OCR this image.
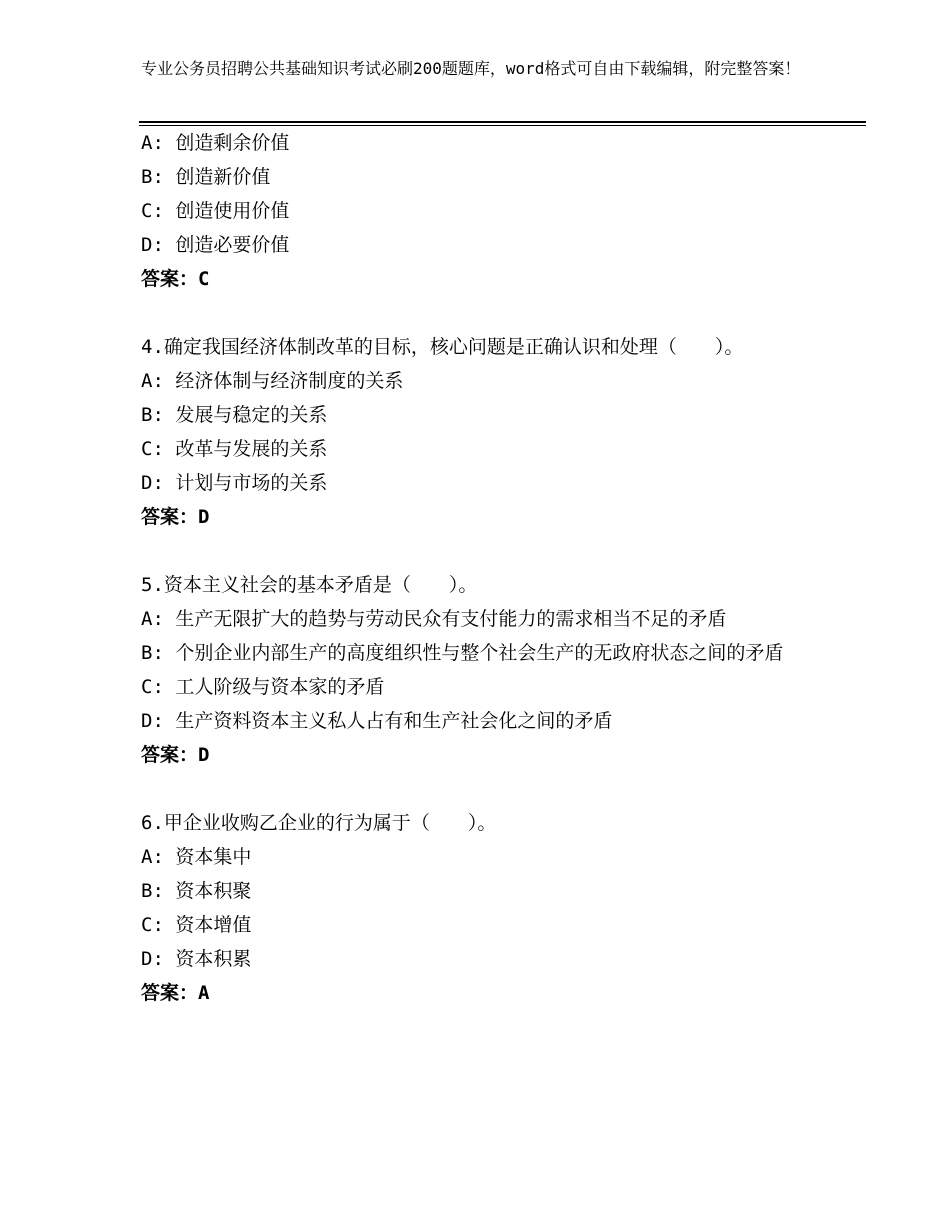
专业公务员招聘公共基础知识考试必刷200题题库，word格式可自由下载编辑，附完整答案！
A: 创造剩余价值
B: 创造新价值
C: 创造使用价值
D: 创造必要价值
答案：C
4.确定我国经济体制改革的目标，核心问题是正确认识和处理（　　）。
A: 经济体制与经济制度的关系
B: 发展与稳定的关系
C: 改革与发展的关系
D: 计划与市场的关系
答案：D
5.资本主义社会的基本矛盾是（　　）。
A: 生产无限扩大的趋势与劳动民众有支付能力的需求相当不足的矛盾
B: 个别企业内部生产的高度组织性与整个社会生产的无政府状态之间的矛盾
C: 工人阶级与资本家的矛盾
D: 生产资料资本主义私人占有和生产社会化之间的矛盾
答案：D
6.甲企业收购乙企业的行为属于（　　）。
A: 资本集中
B: 资本积聚
C: 资本增值
D: 资本积累
答案：A
